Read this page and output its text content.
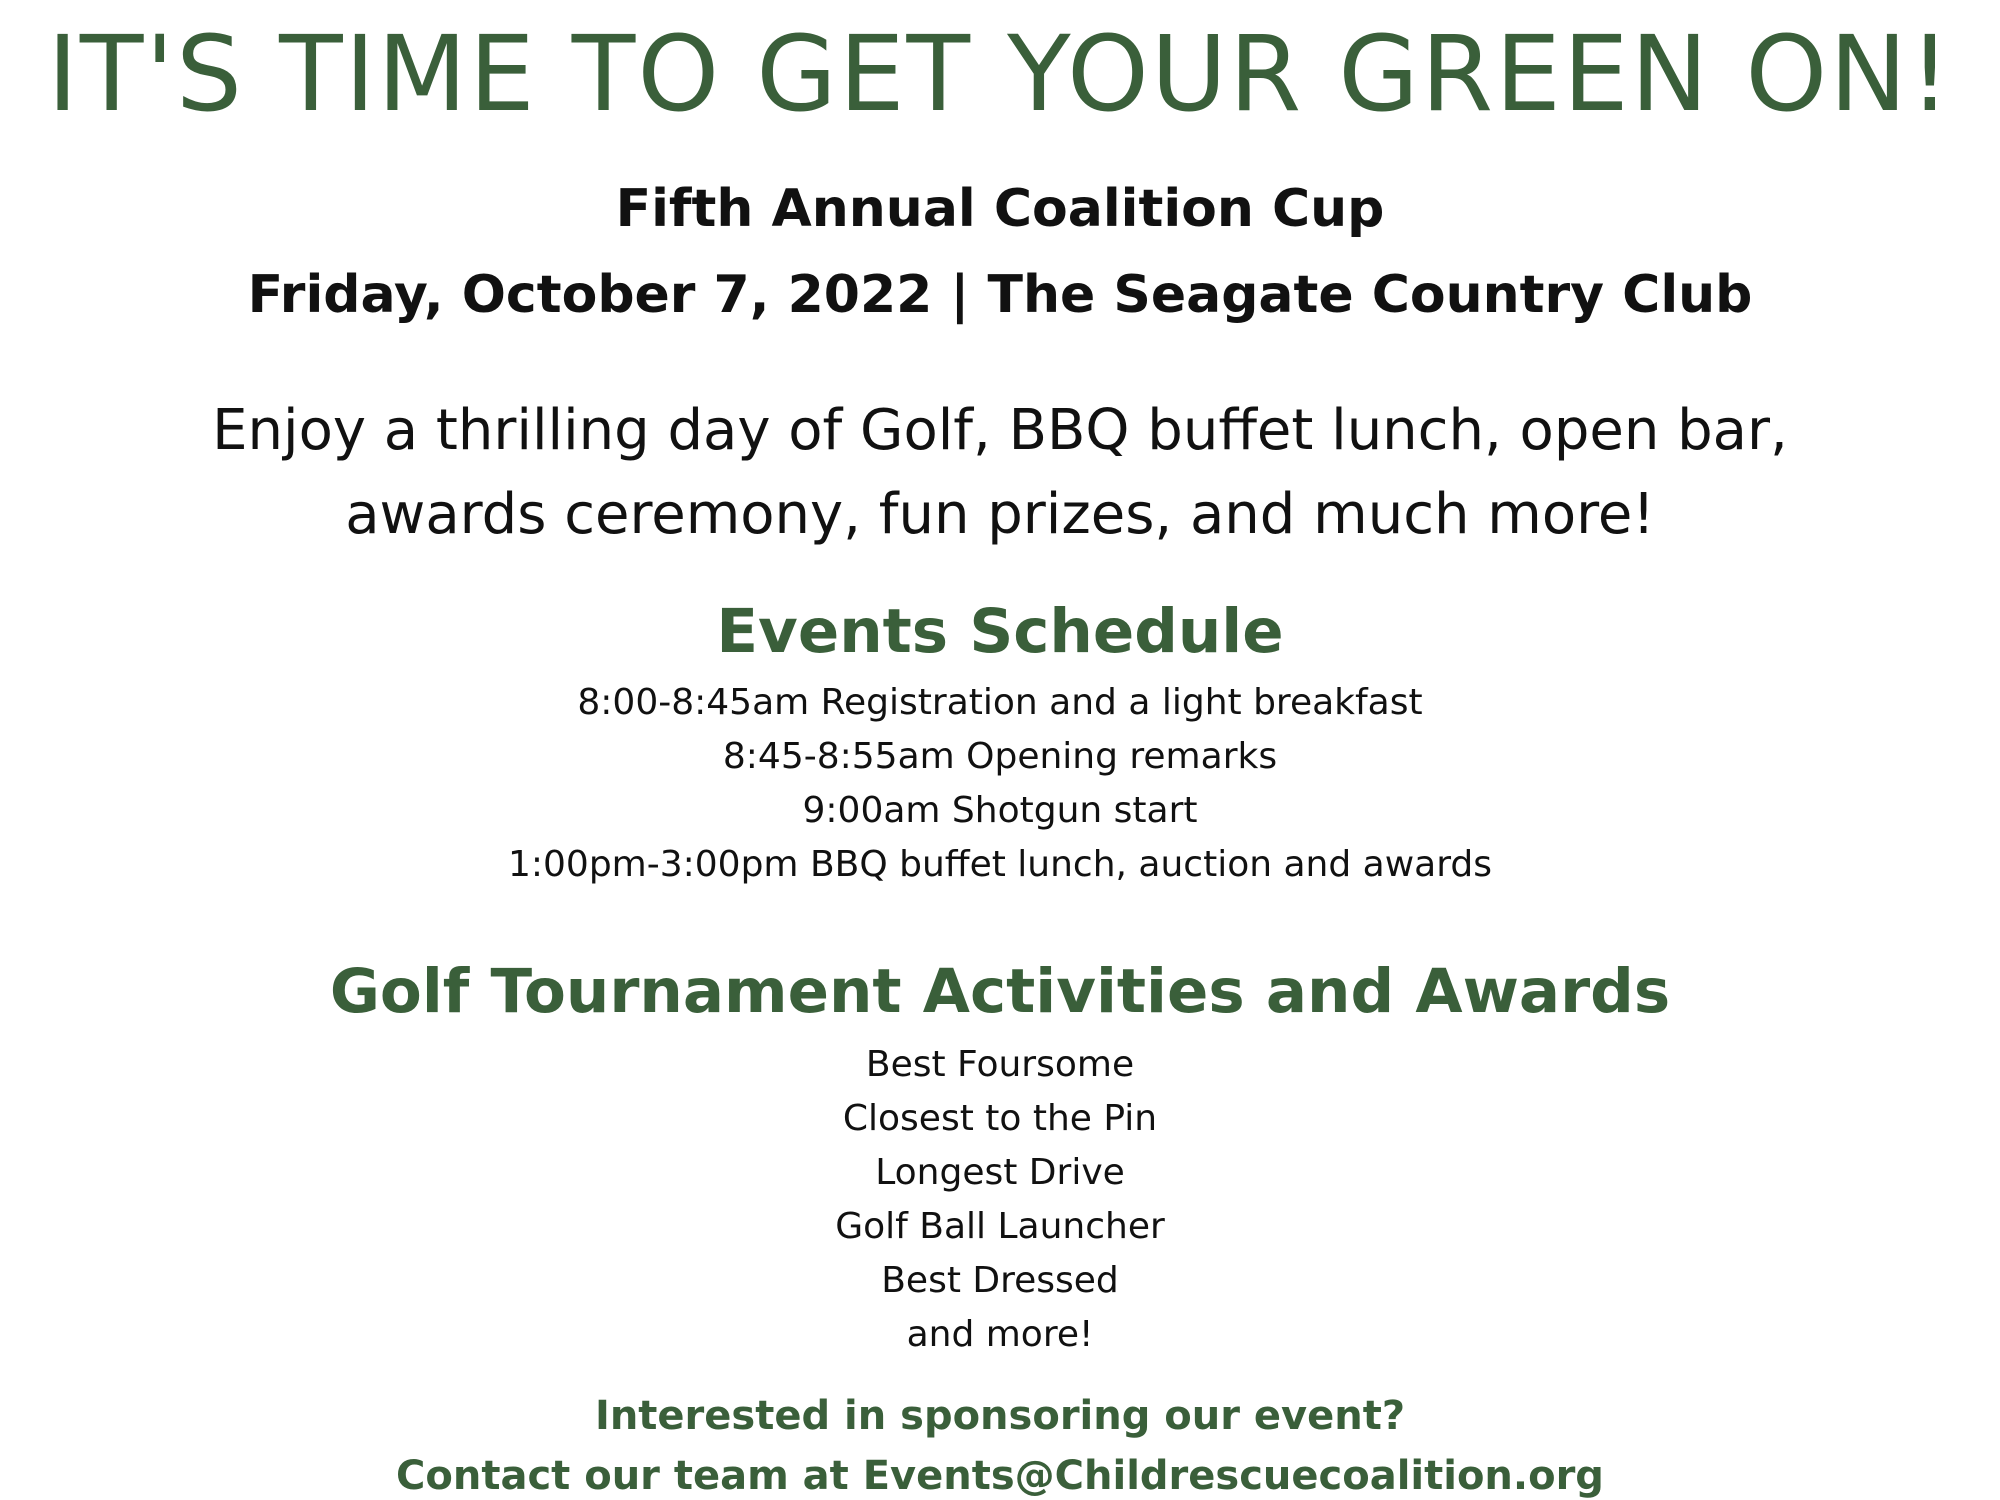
IT'S TIME TO GET YOUR GREEN ON!
Fifth Annual Coalition Cup
Friday, October 7, 2022 | The Seagate Country Club
Enjoy a thrilling day of Golf, BBQ buffet lunch, open bar,
awards ceremony, fun prizes, and much more!
Events Schedule
8:00-8:45am Registration and a light breakfast
8:45-8:55am Opening remarks
9:00am Shotgun start
1:00pm-3:00pm BBQ buffet lunch, auction and awards
Golf Tournament Activities and Awards
Best Foursome
Closest to the Pin
Longest Drive
Golf Ball Launcher
Best Dressed
and more!
Interested in sponsoring our event?
Contact our team at Events@Childrescuecoalition.org
